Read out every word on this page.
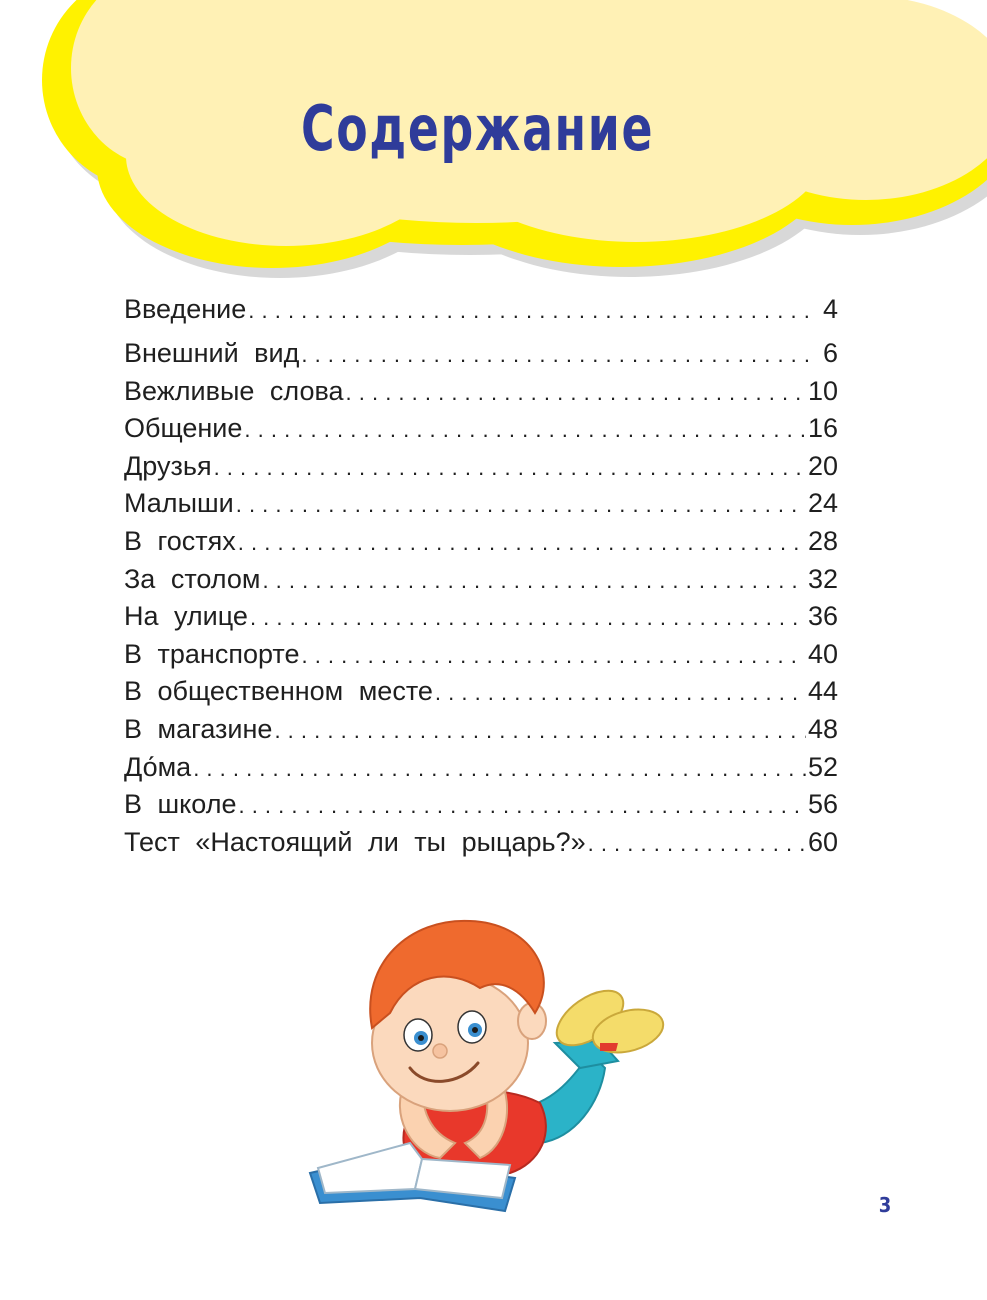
Содержание
Введение . . .	4
Внешний вид . . .	6
Вежливые слова . . .	10
Общение . . .	16
Друзья . . .	20
Малыши . . .	24
В гостях . . .	28
За столом . . .	32
На улице . . .	36
В транспорте . . .	40
В общественном месте . . .	44
В магазине . . .	48
До́ма . . .	52
В школе . . .	56
Тест «Настоящий ли ты рыцарь?» . . .	60
3
